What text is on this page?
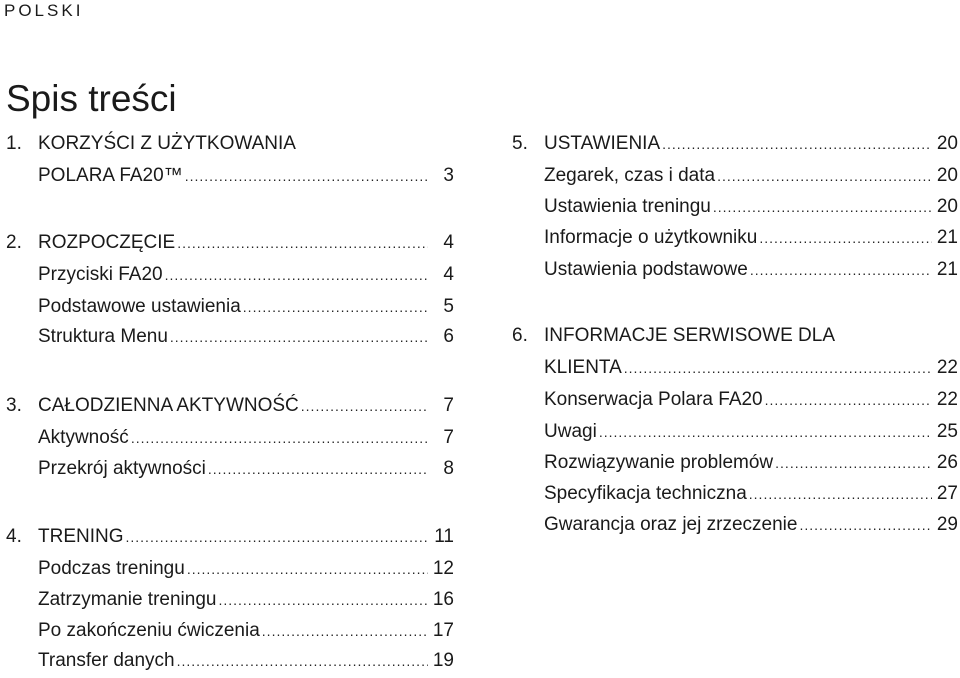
POLSKI
Spis treści
1. KORZYŚCI Z UŻYTKOWANIA
POLARA FA20™ .....	3
2. ROZPOCZĘCIE .....	4
Przyciski FA20 .....	4
Podstawowe ustawienia .....	5
Struktura Menu .....	6
3. CAŁODZIENNA AKTYWNOŚĆ .....	7
Aktywność .....	7
Przekrój aktywności .....	8
4. TRENING .....	11
Podczas treningu .....	12
Zatrzymanie treningu .....	16
Po zakończeniu ćwiczenia .....	17
Transfer danych .....	19
5. USTAWIENIA .....	20
Zegarek, czas i data .....	20
Ustawienia treningu .....	20
Informacje o użytkowniku .....	21
Ustawienia podstawowe .....	21
6. INFORMACJE SERWISOWE DLA
KLIENTA .....	22
Konserwacja Polara FA20 .....	22
Uwagi .....	25
Rozwiązywanie problemów .....	26
Specyfikacja techniczna .....	27
Gwarancja oraz jej zrzeczenie .....	29
